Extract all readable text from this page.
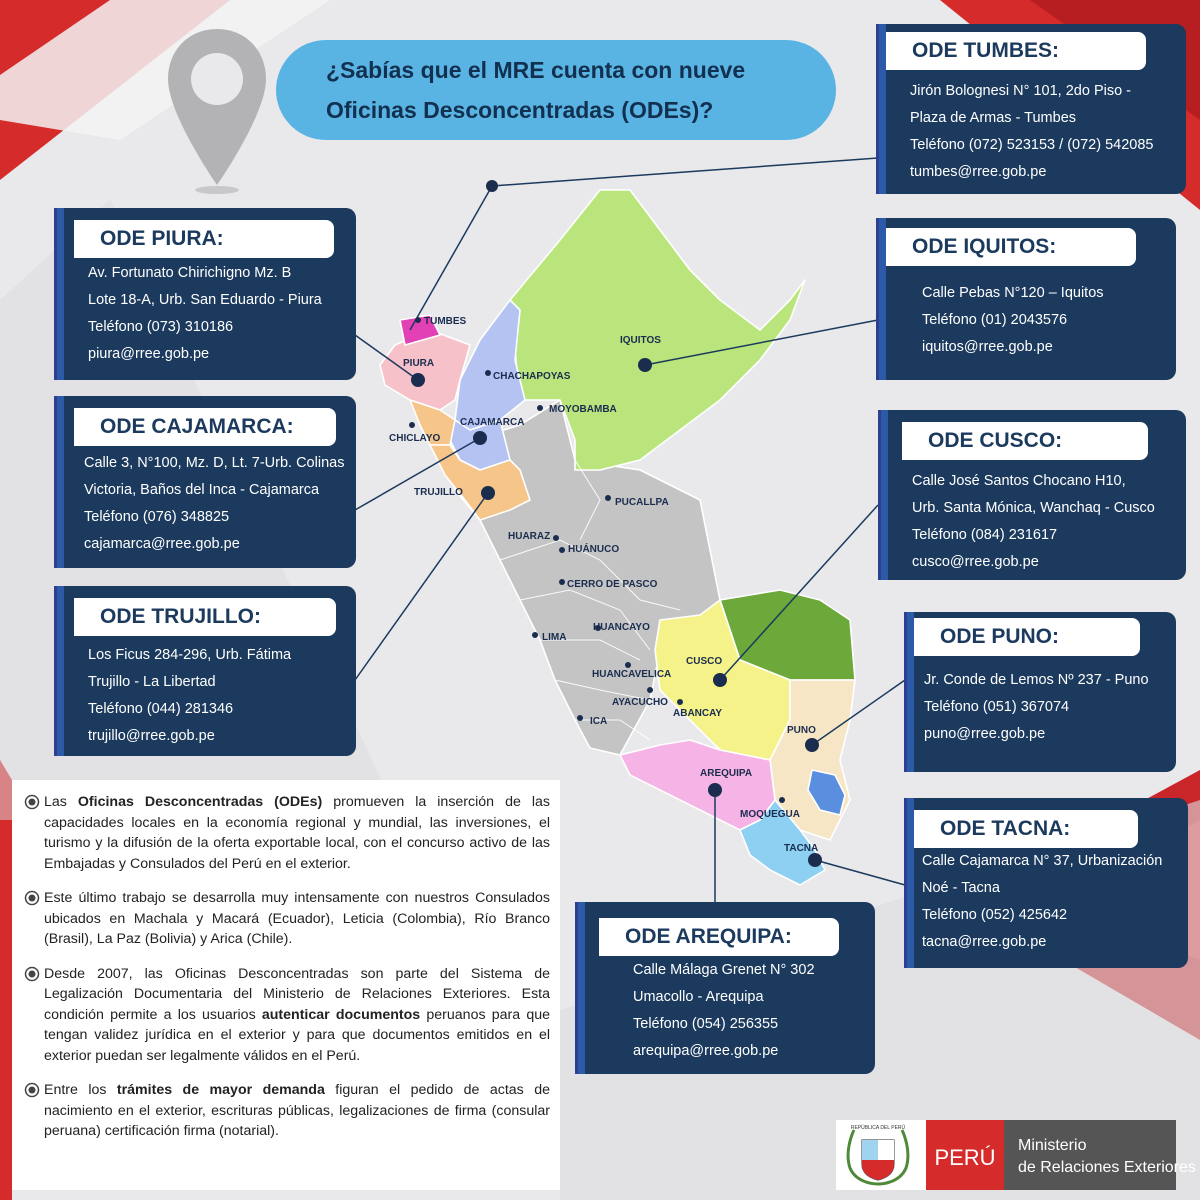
TUMBES
PIURA
CHACHAPOYAS
IQUITOS
MOYOBAMBA
CHICLAYO
CAJAMARCA
TRUJILLO
PUCALLPA
HUARAZ
HUÁNUCO
CERRO DE PASCO
LIMA
HUANCAYO
CUSCO
HUANCAVELICA
AYACUCHO
ABANCAY
ICA
PUNO
AREQUIPA
MOQUEGUA
TACNA
¿Sabías que el MRE cuenta con nueve
Oficinas Desconcentradas (ODEs)?
ODE TUMBES:
Jirón Bolognesi N° 101, 2do Piso -
Plaza de Armas - Tumbes
Teléfono (072) 523153 / (072) 542085
tumbes@rree.gob.pe
ODE IQUITOS:
Calle Pebas N°120 – Iquitos
Teléfono (01) 2043576
iquitos@rree.gob.pe
ODE CUSCO:
Calle José Santos Chocano H10,
Urb. Santa Mónica, Wanchaq - Cusco
Teléfono (084) 231617
cusco@rree.gob.pe
ODE PUNO:
Jr. Conde de Lemos Nº 237 - Puno
Teléfono (051) 367074
puno@rree.gob.pe
ODE TACNA:
Calle Cajamarca N° 37, Urbanización
Noé - Tacna
Teléfono (052) 425642
tacna@rree.gob.pe
ODE AREQUIPA:
Calle Málaga Grenet N° 302
Umacollo - Arequipa
Teléfono (054) 256355
arequipa@rree.gob.pe
ODE PIURA:
Av. Fortunato Chirichigno Mz. B
Lote 18-A, Urb. San Eduardo - Piura
Teléfono (073) 310186
piura@rree.gob.pe
ODE CAJAMARCA:
Calle 3, N°100, Mz. D, Lt. 7-Urb. Colinas
Victoria, Baños del Inca - Cajamarca
Teléfono (076) 348825
cajamarca@rree.gob.pe
ODE TRUJILLO:
Los Ficus 284-296, Urb. Fátima
Trujillo - La Libertad
Teléfono (044) 281346
trujillo@rree.gob.pe
Las Oficinas Desconcentradas (ODEs) promueven la inserción de las capacidades locales en la economía regional y mundial, las inversiones, el turismo y la difusión de la oferta exportable local, con el concurso activo de las Embajadas y Consulados del Perú en el exterior.
Este último trabajo se desarrolla muy intensamente con nuestros Consulados ubicados en Machala y Macará (Ecuador), Leticia (Colombia), Río Branco (Brasil), La Paz (Bolivia) y Arica (Chile).
Desde 2007, las Oficinas Desconcentradas son parte del Sistema de Legalización Documentaria del Ministerio de Relaciones Exteriores. Esta condición permite a los usuarios autenticar documentos peruanos para que tengan validez jurídica en el exterior y para que documentos emitidos en el exterior puedan ser legalmente válidos en el Perú.
Entre los trámites de mayor demanda figuran el pedido de actas de nacimiento en el exterior, escrituras públicas, legalizaciones de firma (consular peruana) certificación firma (notarial).	REPÚBLICA DEL PERÚ
PERÚ Ministerio
de Relaciones Exteriores
